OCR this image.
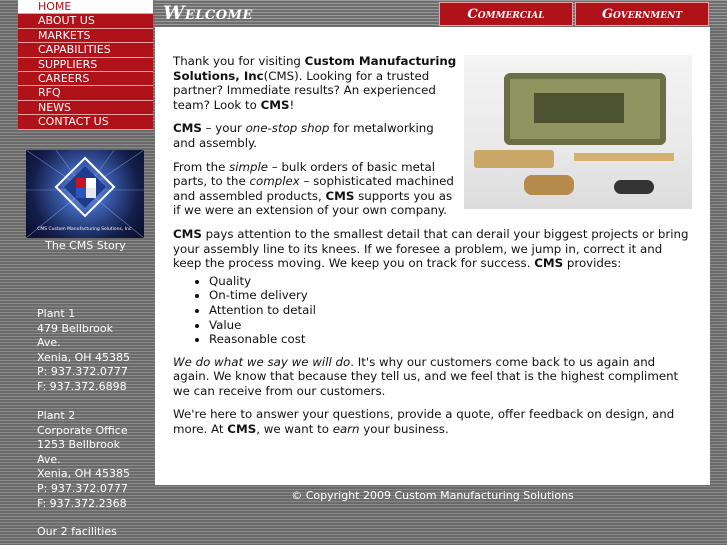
HOME
ABOUT US
MARKETS
CAPABILITIES
SUPPLIERS
CAREERS
RFQ
NEWS
CONTACT US
CMS Custom Manufacturing Solutions, Inc.
The CMS Story
Plant 1
479 Bellbrook
Ave.
Xenia, OH 45385
P: 937.372.0777
F: 937.372.6898
Plant 2
Corporate Office
1253 Bellbrook
Ave.
Xenia, OH 45385
P: 937.372.0777
F: 937.372.2368
Our 2 facilities
Welcome	Commercial	Government

Thank you for visiting Custom Manufacturing Solutions, Inc(CMS). Looking for a trusted partner? Immediate results? An experienced team? Look to CMS!

CMS – your one-stop shop for metalworking and assembly.

From the simple – bulk orders of basic metal parts, to the complex – sophisticated machined and assembled products, CMS supports you as if we were an extension of your own company.

CMS pays attention to the smallest detail that can derail your biggest projects or bring your assembly line to its knees. If we foresee a problem, we jump in, correct it and keep the process moving. We keep you on track for success. CMS provides:

• Quality
• On-time delivery
• Attention to detail
• Value
• Reasonable cost

We do what we say we will do. It's why our customers come back to us again and again. We know that because they tell us, and we feel that is the highest compliment we can receive from our customers.

We're here to answer your questions, provide a quote, offer feedback on design, and more. At CMS, we want to earn your business.

© Copyright 2009 Custom Manufacturing Solutions
